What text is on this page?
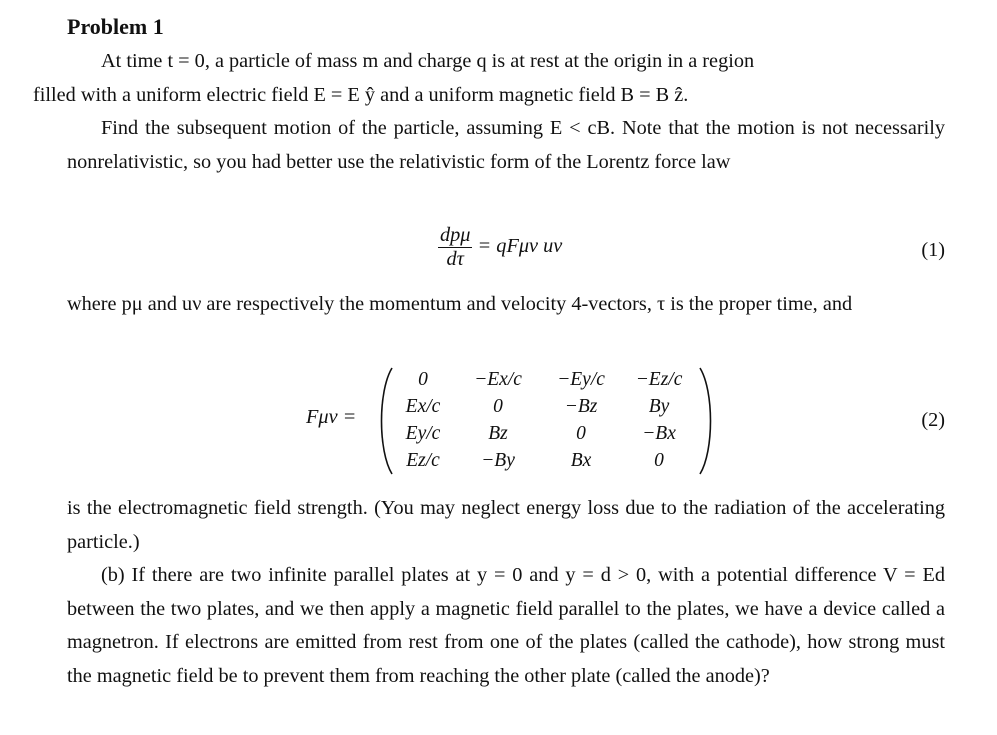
Problem 1
At time t = 0, a particle of mass m and charge q is at rest at the origin in a region
filled with a uniform electric field E = E ŷ and a uniform magnetic field B = B ẑ.
Find the subsequent motion of the particle, assuming E < cB. Note that the motion is not necessarily nonrelativistic, so you had better use the relativistic form of the Lorentz force law
$\frac{\text{dpμ}}{d\tau} = qF\mu\nu$ uν	(1)
where pμ and uν are respectively the momentum and velocity 4-vectors, τ is the proper time, and
Fμν =
0	−Ex/c	−Ey/c	−Ez/c
Ex/c	0	−Bz	By
Ey/c	Bz	0	−Bx
Ez/c	−By	Bx	0
(2)
is the electromagnetic field strength. (You may neglect energy loss due to the radiation of the accelerating particle.)
(b) If there are two infinite parallel plates at y = 0 and y = d > 0, with a potential difference V = Ed between the two plates, and we then apply a magnetic field parallel to the plates, we have a device called a magnetron. If electrons are emitted from rest from one of the plates (called the cathode), how strong must the magnetic field be to prevent them from reaching the other plate (called the anode)?
